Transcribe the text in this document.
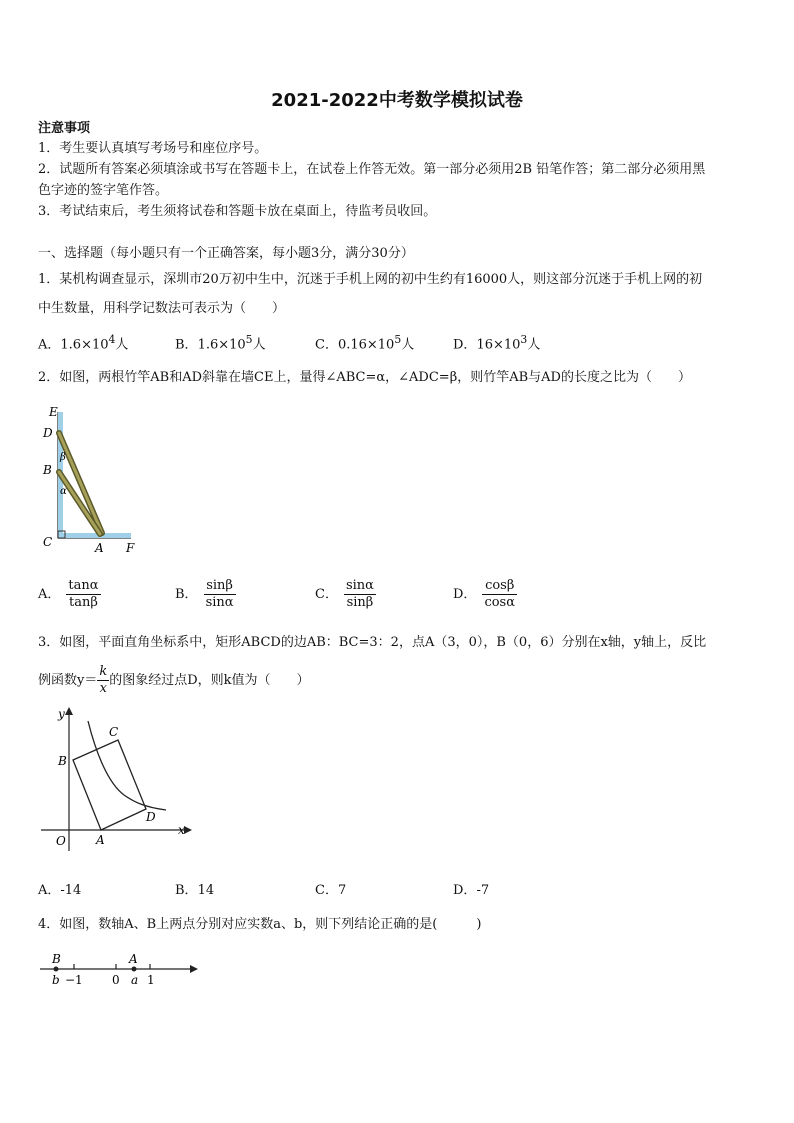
2021-2022中考数学模拟试卷
注意事项
1．考生要认真填写考场号和座位序号。
2．试题所有答案必须填涂或书写在答题卡上，在试卷上作答无效。第一部分必须用2B 铅笔作答；第二部分必须用黑
色字迹的签字笔作答。
3．考试结束后，考生须将试卷和答题卡放在桌面上，待监考员收回。
一、选择题（每小题只有一个正确答案，每小题3分，满分30分）
1．某机构调查显示，深圳市20万初中生中，沉迷于手机上网的初中生约有16000人，则这部分沉迷于手机上网的初
中生数量，用科学记数法可表示为（　　）
A．$1.6\times 10^4$人	B．$1.6\times 10^5$人	C．$0.16\times 10^5$人	D．$16\times 10^3$人
2．如图，两根竹竿AB和AD斜靠在墙CE上，量得∠ABC=α，∠ADC=β，则竹竿AB与AD的长度之比为（　　）
E
D
β
B
α
C	A F
A． $\frac{\tan\alpha}{\tan\beta}$	B． $\frac{\sin\beta}{\sin\alpha}$	C． $\frac{\sin\alpha}{\sin\beta}$	D． $\frac{\cos\beta}{\cos\alpha}$
3．如图，平面直角坐标系中，矩形ABCD的边AB：BC=3：2，点A（3，0），B（0，6）分别在x轴，y轴上，反比
例函数$y= \frac{k}{x}$ 的图象经过点D，则k值为（　　）
y
x
O	A
B
C
D
A．-14	B．14	C．7	D．-7
4．如图，数轴A、B上两点分别对应实数a、b，则下列结论正确的是(　　　)
B	A
b −1 0 a 1
